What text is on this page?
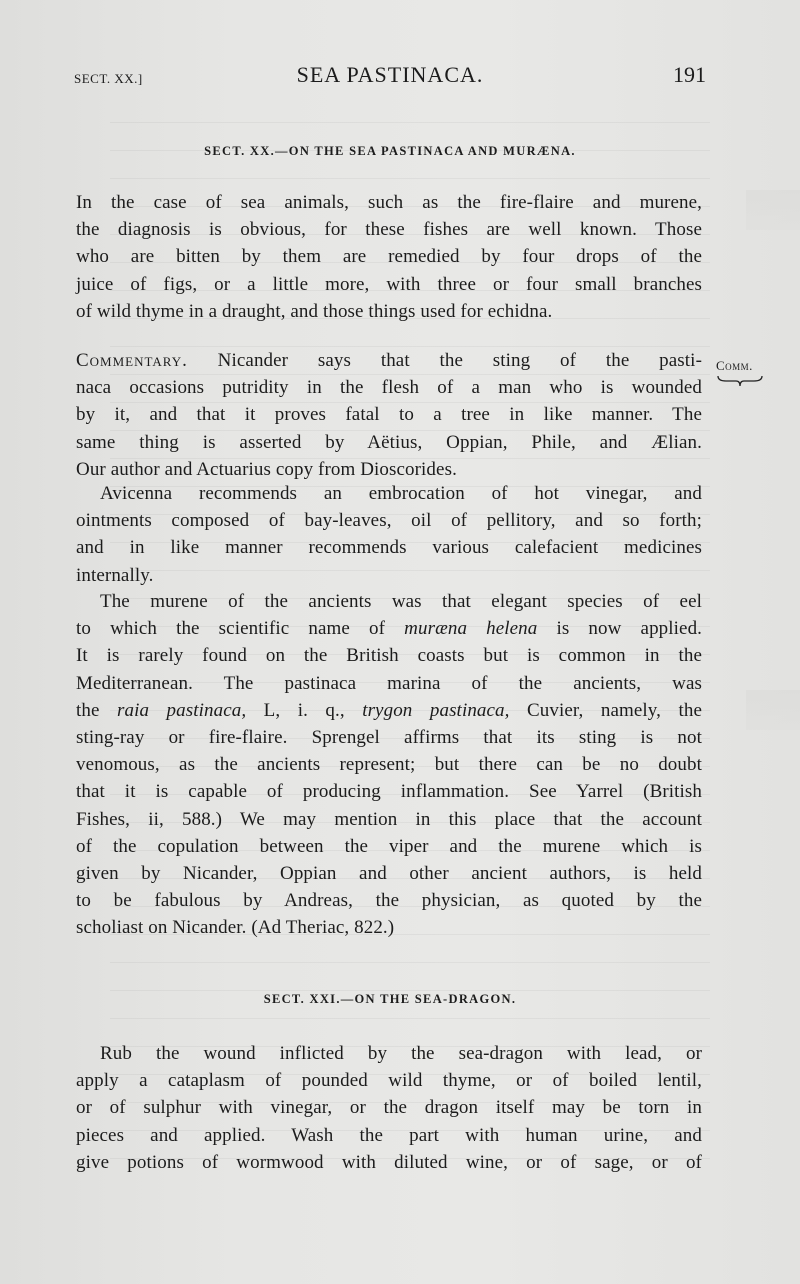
SECT. XX.]	SEA PASTINACA.	191
SECT. XX.—ON THE SEA PASTINACA AND MURÆNA.
In the case of sea animals, such as the fire-flaire and murene,
the diagnosis is obvious, for these fishes are well known. Those
who are bitten by them are remedied by four drops of the
juice of figs, or a little more, with three or four small branches
of wild thyme in a draught, and those things used for echidna.
Commentary. Nicander says that the sting of the pasti-
naca occasions putridity in the flesh of a man who is wounded
by it, and that it proves fatal to a tree in like manner. The
same thing is asserted by Aëtius, Oppian, Phile, and Ælian.
Our author and Actuarius copy from Dioscorides.
Comm.
Avicenna recommends an embrocation of hot vinegar, and
ointments composed of bay-leaves, oil of pellitory, and so forth;
and in like manner recommends various calefacient medicines
internally.
The murene of the ancients was that elegant species of eel
to which the scientific name of muræna helena is now applied.
It is rarely found on the British coasts but is common in the
Mediterranean. The pastinaca marina of the ancients, was
the raia pastinaca, L, i. q., trygon pastinaca, Cuvier, namely, the
sting-ray or fire-flaire. Sprengel affirms that its sting is not
venomous, as the ancients represent; but there can be no doubt
that it is capable of producing inflammation. See Yarrel (British
Fishes, ii, 588.) We may mention in this place that the account
of the copulation between the viper and the murene which is
given by Nicander, Oppian and other ancient authors, is held
to be fabulous by Andreas, the physician, as quoted by the
scholiast on Nicander. (Ad Theriac, 822.)
SECT. XXI.—ON THE SEA-DRAGON.
Rub the wound inflicted by the sea-dragon with lead, or
apply a cataplasm of pounded wild thyme, or of boiled lentil,
or of sulphur with vinegar, or the dragon itself may be torn in
pieces and applied. Wash the part with human urine, and
give potions of wormwood with diluted wine, or of sage, or of
